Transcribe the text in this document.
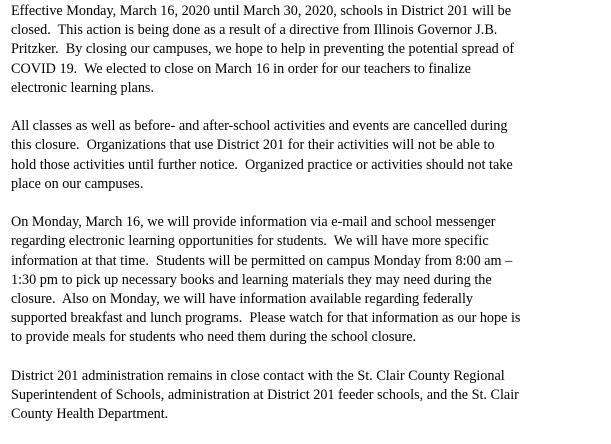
Effective Monday, March 16, 2020 until March 30, 2020, schools in District 201 will be
closed.  This action is being done as a result of a directive from Illinois Governor J.B.
Pritzker.  By closing our campuses, we hope to help in preventing the potential spread of
COVID 19.  We elected to close on March 16 in order for our teachers to finalize
electronic learning plans.

All classes as well as before- and after-school activities and events are cancelled during
this closure.  Organizations that use District 201 for their activities will not be able to
hold those activities until further notice.  Organized practice or activities should not take
place on our campuses.

On Monday, March 16, we will provide information via e-mail and school messenger
regarding electronic learning opportunities for students.  We will have more specific
information at that time.  Students will be permitted on campus Monday from 8:00 am –
1:30 pm to pick up necessary books and learning materials they may need during the
closure.  Also on Monday, we will have information available regarding federally
supported breakfast and lunch programs.  Please watch for that information as our hope is
to provide meals for students who need them during the school closure.

District 201 administration remains in close contact with the St. Clair County Regional
Superintendent of Schools, administration at District 201 feeder schools, and the St. Clair
County Health Department.
